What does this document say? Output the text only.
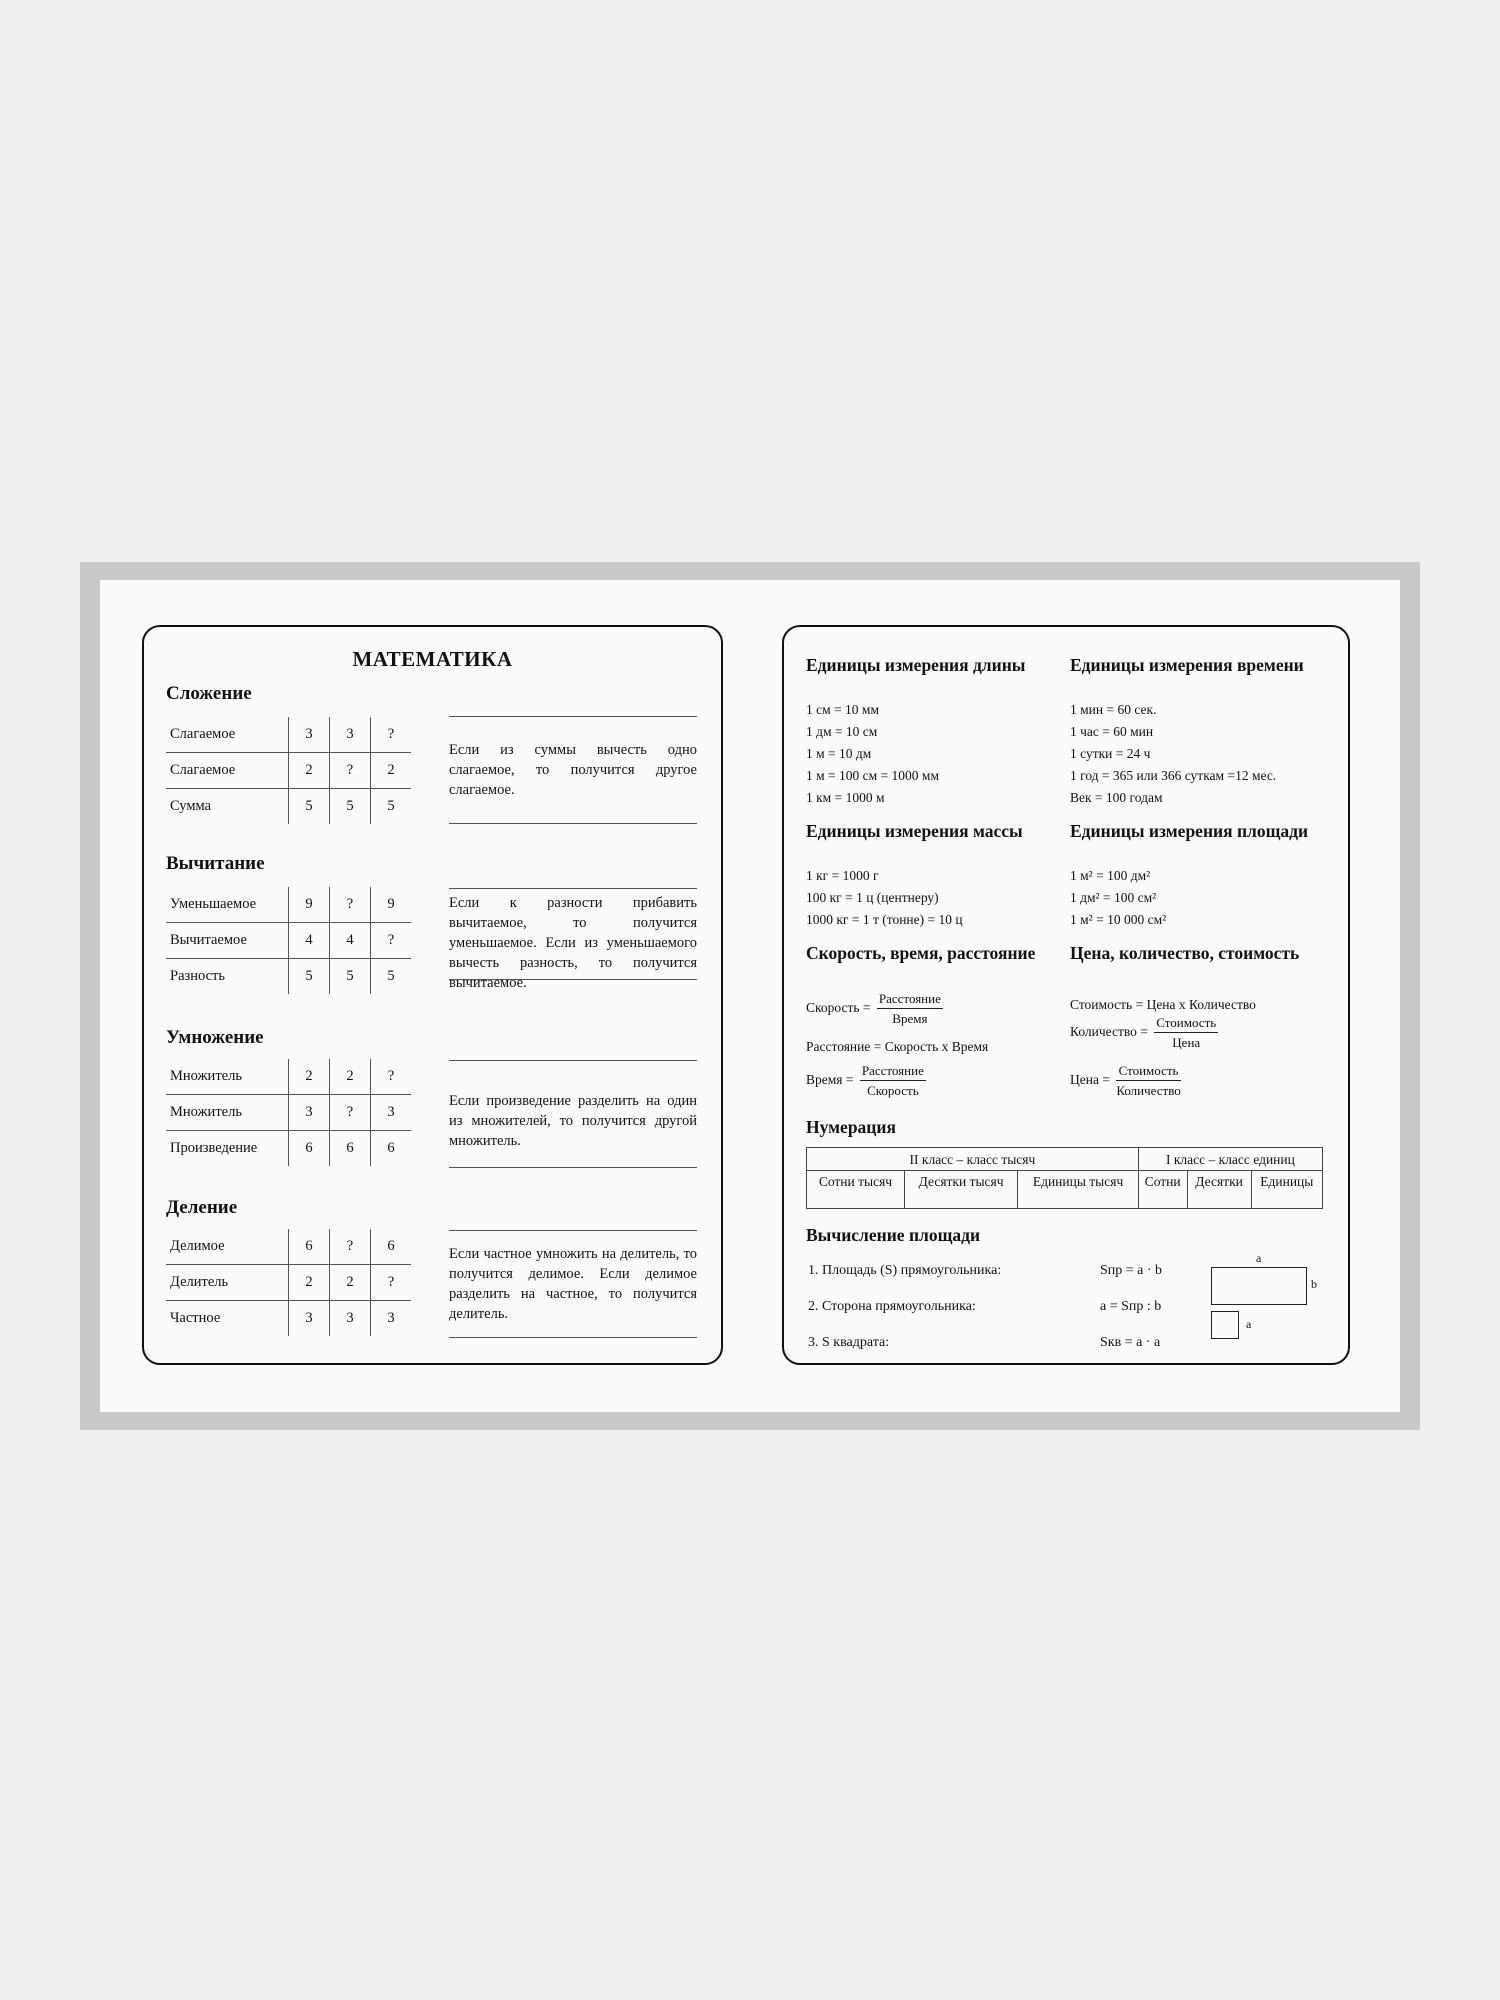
МАТЕМАТИКА
Сложение
Слагаемое	3	3	?
Слагаемое	2	?	2
Сумма	5	5	5
Если из суммы вычесть одно слагаемое, то получится другое слагаемое.
Вычитание
Уменьшаемое	9	?	9
Вычитаемое	4	4	?
Разность	5	5	5
Если к разности прибавить вычитаемое, то получится уменьшаемое. Если из уменьшаемого вычесть разность, то получится вычитаемое.
Умножение
Множитель	2	2	?
Множитель	3	?	3
Произведение	6	6	6
Если произведение разделить на один из множителей, то получится другой множитель.
Деление
Делимое	6	?	6
Делитель	2	2	?
Частное	3	3	3
Если частное умножить на делитель, то получится делимое. Если делимое разделить на частное, то получится делитель.
Единицы измерения длины
1 см = 10 мм
1 дм = 10 см
1 м = 10 дм
1 м = 100 см = 1000 мм
1 км = 1000 м
Единицы измерения времени
1 мин = 60 сек.
1 час = 60 мин
1 сутки = 24 ч
1 год = 365 или 366 суткам =12 мес.
Век = 100 годам
Единицы измерения массы
1 кг = 1000 г
100 кг = 1 ц (центнеру)
1000 кг = 1 т (тонне) = 10 ц
Единицы измерения площади
1 м² = 100 дм²
1 дм² = 100 см²
1 м² = 10 000 см²
Скорость, время, расстояние
Скорость = $\frac{\text{Расстояние}}{\text{Время}}$
Расстояние = Скорость х Время
Время = $\frac{\text{Расстояние}}{\text{Скорость}}$
Цена, количество, стоимость
Стоимость = Цена х Количество
Количество = $\frac{\text{Стоимость}}{\text{Цена}}$
Цена = $\frac{\text{Стоимость}}{\text{Количество}}$
Нумерация
II класс – класс тысяч			I класс – класс единиц		
Сотни тысяч	Десятки тысяч	Единицы тысяч	Сотни	Десятки	Единицы
Вычисление площади
1. Площадь (S) прямоугольника:	Sпр = a · b
2. Сторона прямоугольника:	a = Sпр : b
3. S квадрата:	Sкв = a · a
a
b
a
